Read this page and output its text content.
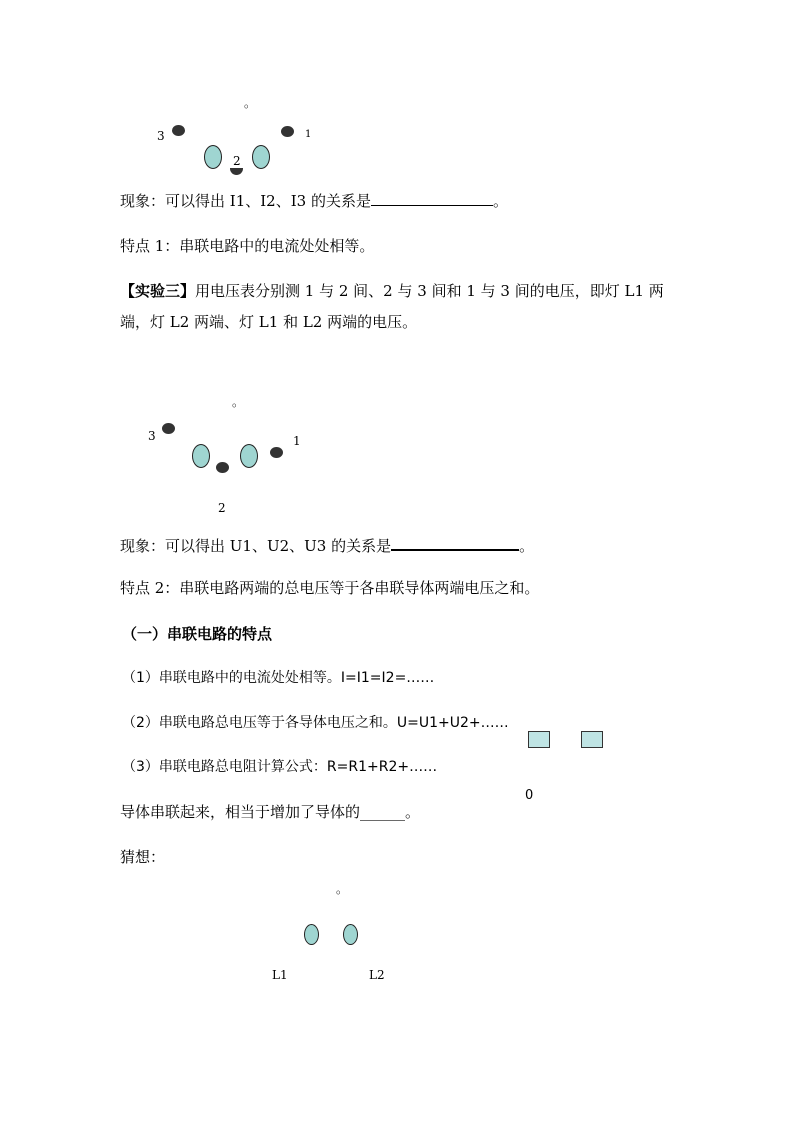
。
3	1
2
现象：可以得出 I1、I2、I3 的关系是	。
特点 1：串联电路中的电流处处相等。
【实验三】用电压表分别测 1 与 2 间、2 与 3 间和 1 与 3 间的电压，即灯 L1 两
端，灯 L2 两端、灯 L1 和 L2 两端的电压。
。
3	1
2
现象：可以得出 U1、U2、U3 的关系是	。
特点 2：串联电路两端的总电压等于各串联导体两端电压之和。
（一）串联电路的特点
（1）串联电路中的电流处处相等。I=I1=I2=……
（2）串联电路总电压等于各导体电压之和。U=U1+U2+……
（3）串联电路总电阻计算公式：R=R1+R2+……
0
导体串联起来，相当于增加了导体的______。
猜想：
。
L1	L2
